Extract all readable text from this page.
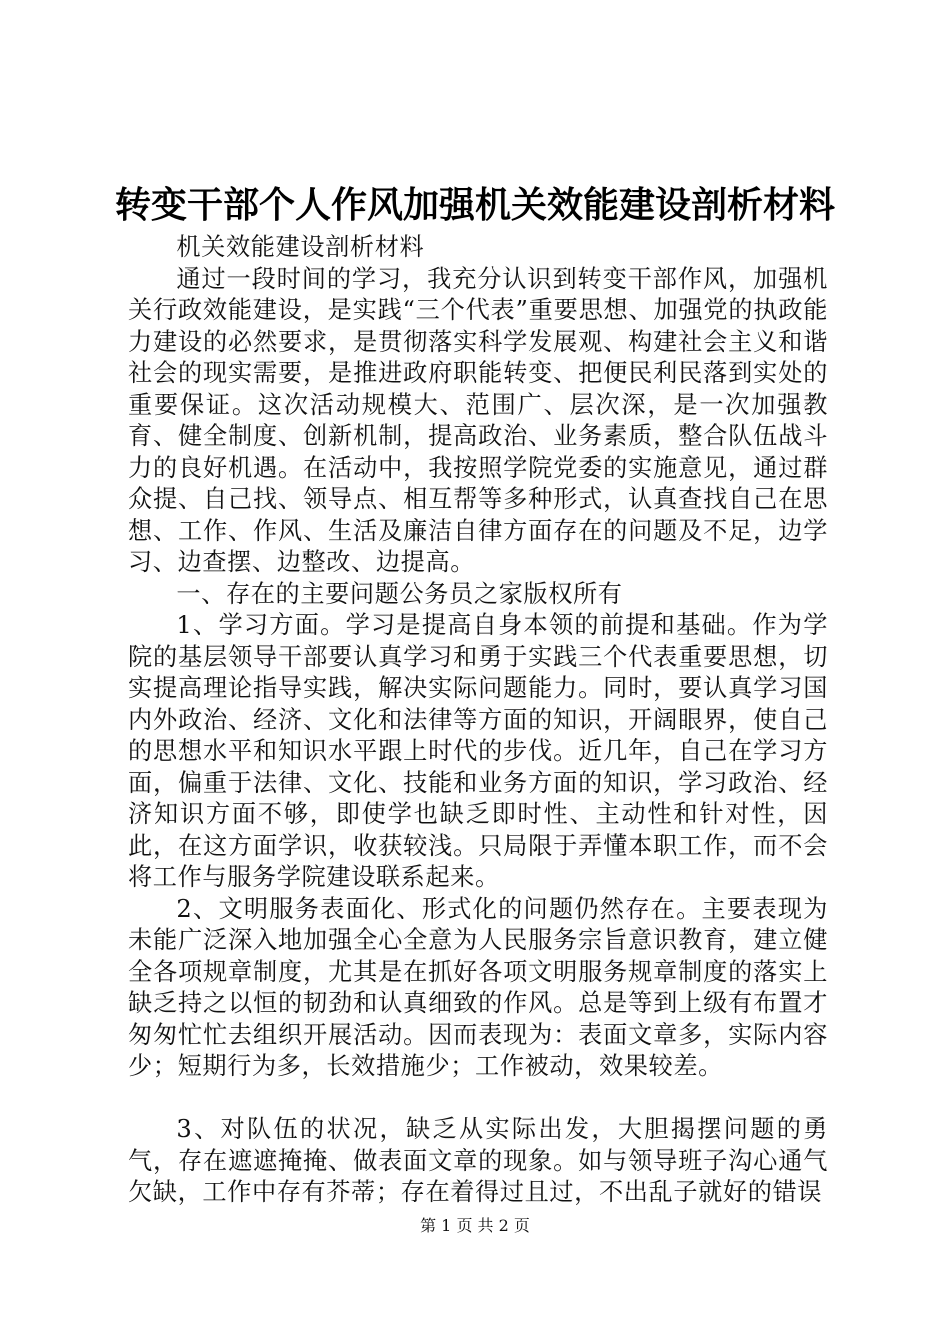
转变干部个人作风加强机关效能建设剖析材料

机关效能建设剖析材料

通过一段时间的学习，我充分认识到转变干部作风，加强机关行政效能建设，是实践“三个代表”重要思想、加强党的执政能力建设的必然要求，是贯彻落实科学发展观、构建社会主义和谐社会的现实需要，是推进政府职能转变、把便民利民落到实处的重要保证。这次活动规模大、范围广、层次深，是一次加强教育、健全制度、创新机制，提高政治、业务素质，整合队伍战斗力的良好机遇。在活动中，我按照学院党委的实施意见，通过群众提、自己找、领导点、相互帮等多种形式，认真查找自己在思想、工作、作风、生活及廉洁自律方面存在的问题及不足，边学习、边查摆、边整改、边提高。

一、存在的主要问题公务员之家版权所有

1、学习方面。学习是提高自身本领的前提和基础。作为学院的基层领导干部要认真学习和勇于实践三个代表重要思想，切实提高理论指导实践，解决实际问题能力。同时，要认真学习国内外政治、经济、文化和法律等方面的知识，开阔眼界，使自己的思想水平和知识水平跟上时代的步伐。近几年，自己在学习方面，偏重于法律、文化、技能和业务方面的知识，学习政治、经济知识方面不够，即使学也缺乏即时性、主动性和针对性，因此，在这方面学识，收获较浅。只局限于弄懂本职工作，而不会将工作与服务学院建设联系起来。

2、文明服务表面化、形式化的问题仍然存在。主要表现为未能广泛深入地加强全心全意为人民服务宗旨意识教育，建立健全各项规章制度，尤其是在抓好各项文明服务规章制度的落实上缺乏持之以恒的韧劲和认真细致的作风。总是等到上级有布置才匆匆忙忙去组织开展活动。因而表现为：表面文章多，实际内容少；短期行为多，长效措施少；工作被动，效果较差。

3、对队伍的状况，缺乏从实际出发，大胆揭摆问题的勇气，存在遮遮掩掩、做表面文章的现象。如与领导班子沟心通气欠缺，工作中存有芥蒂；存在着得过且过，不出乱子就好的错误

第 1 页 共 2 页
